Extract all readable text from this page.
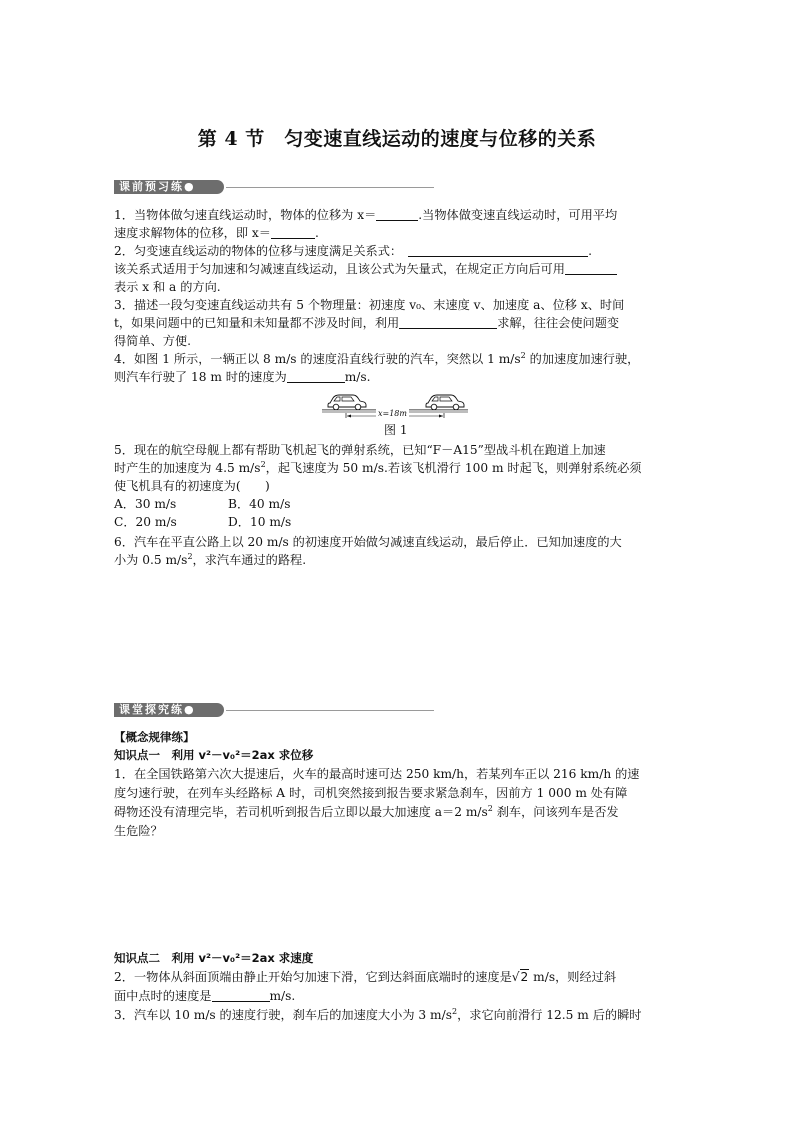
第 4 节　匀变速直线运动的速度与位移的关系
课前预习练●
1．当物体做匀速直线运动时，物体的位移为 x＝	.当物体做变速直线运动时，可用平均
速度求解物体的位移，即 x＝	.
2．匀变速直线运动的物体的位移与速度满足关系式：	.
该关系式适用于匀加速和匀减速直线运动，且该公式为矢量式，在规定正方向后可用
表示 x 和 a 的方向.
3．描述一段匀变速直线运动共有 5 个物理量：初速度 v₀、末速度 v、加速度 a、位移 x、时间
t，如果问题中的已知量和未知量都不涉及时间，利用	求解，往往会使问题变
得简单、方便.
4．如图 1 所示，一辆正以 8 m/s 的速度沿直线行驶的汽车，突然以 1 $m/s^2$ 的加速度加速行驶，
则汽车行驶了 18 m 时的速度为	m/s.
x=18m
图 1
5．现在的航空母舰上都有帮助飞机起飞的弹射系统，已知“F－A15”型战斗机在跑道上加速
时产生的加速度为 4.5 $m/s^2$，起飞速度为 50 m/s.若该飞机滑行 100 m 时起飞，则弹射系统必须
使飞机具有的初速度为(　　)
A．30 m/s	B．40 m/s
C．20 m/s	D．10 m/s
6．汽车在平直公路上以 20 m/s 的初速度开始做匀减速直线运动，最后停止．已知加速度的大
小为 0.5 $m/s^2$，求汽车通过的路程.
课堂探究练●
【概念规律练】
知识点一　利用 v²－v₀²＝2ax 求位移
1．在全国铁路第六次大提速后，火车的最高时速可达 250 km/h，若某列车正以 216 km/h 的速
度匀速行驶，在列车头经路标 A 时，司机突然接到报告要求紧急刹车，因前方 1 000 m 处有障
碍物还没有清理完毕，若司机听到报告后立即以最大加速度 a＝2 $m/s^2$ 刹车，问该列车是否发
生危险？
知识点二　利用 v²－v₀²＝2ax 求速度
2．一物体从斜面顶端由静止开始匀加速下滑，它到达斜面底端时的速度是√2 m/s，则经过斜
面中点时的速度是	m/s.
3．汽车以 10 m/s 的速度行驶，刹车后的加速度大小为 3 $m/s^2$，求它向前滑行 12.5 m 后的瞬时
